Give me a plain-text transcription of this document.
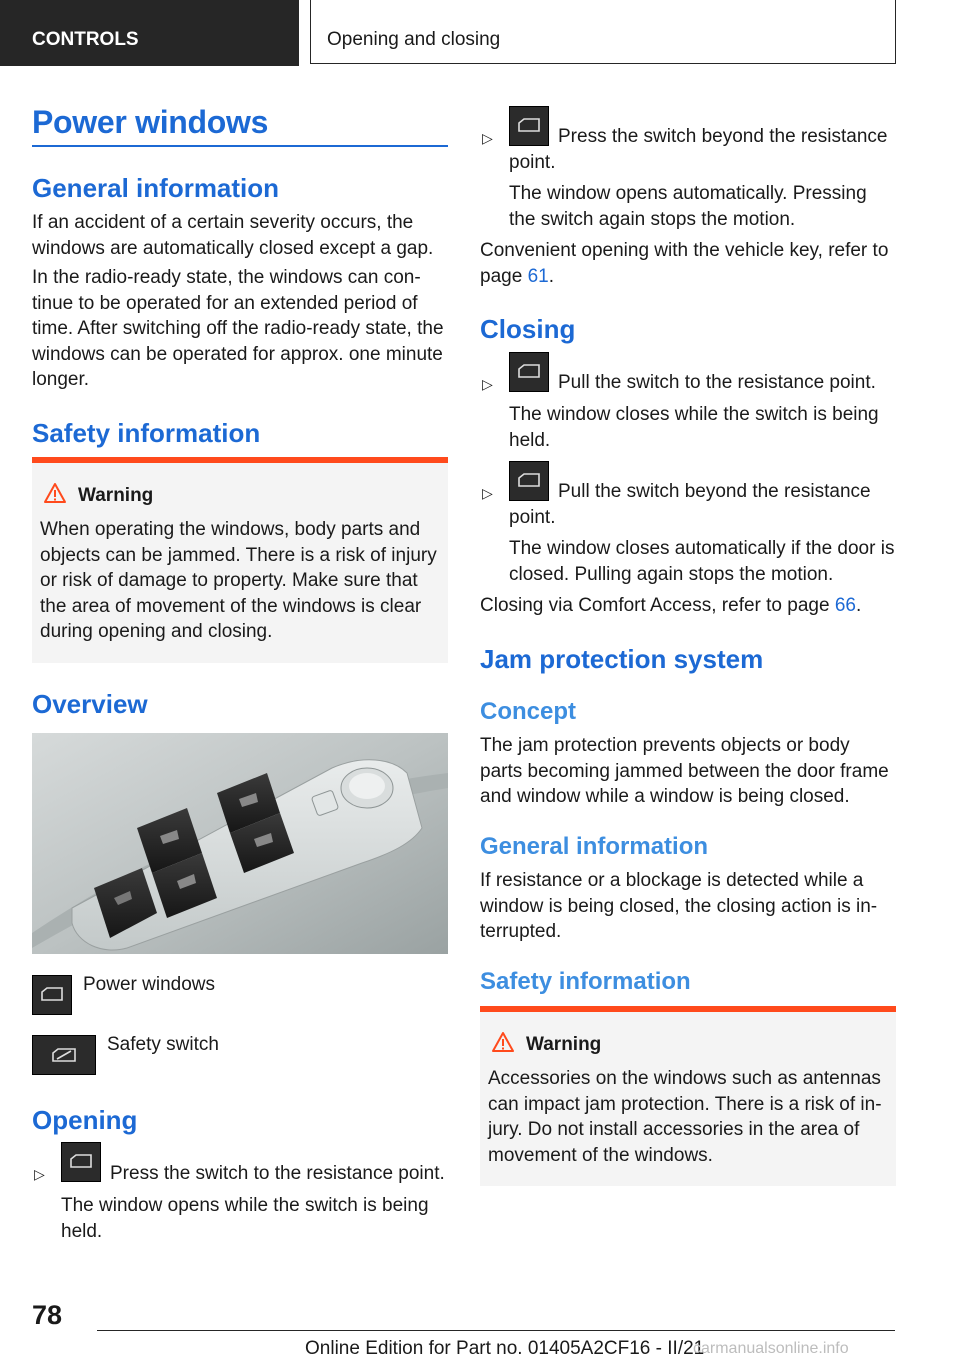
CONTROLS	Opening and closing
Power windows
General information
If an accident of a certain severity occurs, the windows are automatically closed except a gap.
In the radio-ready state, the windows can continue to be operated for an extended period of time. After switching off the radio-ready state, the windows can be operated for approx. one minute longer.
Safety information
Warning
When operating the windows, body parts and objects can be jammed. There is a risk of injury or risk of damage to property. Make sure that the area of movement of the windows is clear during opening and closing.
Overview
Power windows
Safety switch
Opening
▷	Press the switch to the resistance point.
The window opens while the switch is being held.
▷	Press the switch beyond the resistance point.
The window opens automatically. Pressing the switch again stops the motion.
Convenient opening with the vehicle key, refer to page 61.
Closing
▷	Pull the switch to the resistance point.
The window closes while the switch is being held.
▷	Pull the switch beyond the resistance point.
The window closes automatically if the door is closed. Pulling again stops the motion.
Closing via Comfort Access, refer to page 66.
Jam protection system
Concept
The jam protection prevents objects or body parts becoming jammed between the door frame and window while a window is being closed.
General information
If resistance or a blockage is detected while a window is being closed, the closing action is interrupted.
Safety information
Warning
Accessories on the windows such as antennas can impact jam protection. There is a risk of injury. Do not install accessories in the area of movement of the windows.
78
Online Edition for Part no. 01405A2CF16 - II/21
carmanualsonline.info
